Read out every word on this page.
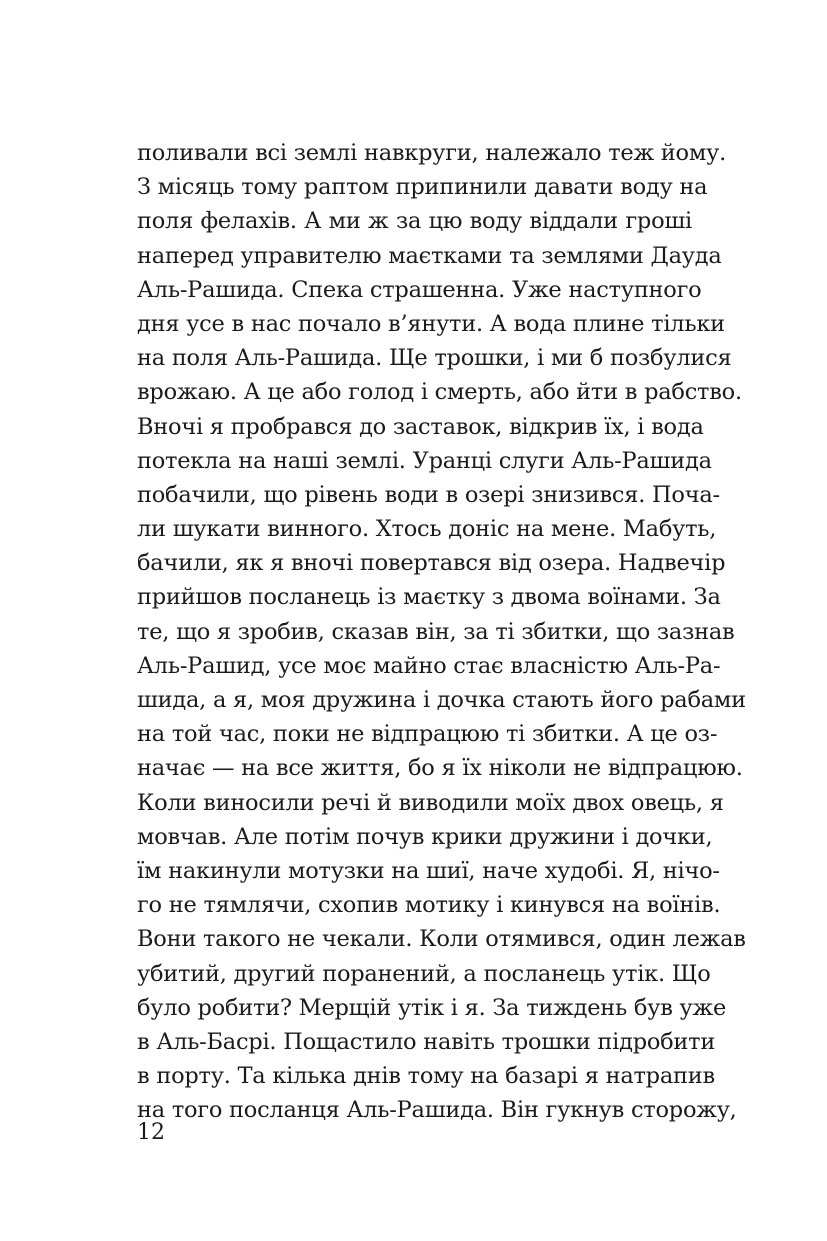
поливали всі землі навкруги, належало теж йому.
З місяць тому раптом припинили давати воду на
поля фелахів. А ми ж за цю воду віддали гроші
наперед управителю маєтками та землями Дауда
Аль-Рашида. Спека страшенна. Уже наступного
дня усе в нас почало в’янути. А вода плине тільки
на поля Аль-Рашида. Ще трошки, і ми б позбулися
врожаю. А це або голод і смерть, або йти в рабство.
Вночі я пробрався до заставок, відкрив їх, і вода
потекла на наші землі. Уранці слуги Аль-Рашида
побачили, що рівень води в озері знизився. Поча-
ли шукати винного. Хтось доніс на мене. Мабуть,
бачили, як я вночі повертався від озера. Надвечір
прийшов посланець із маєтку з двома воїнами. За
те, що я зробив, сказав він, за ті збитки, що зазнав
Аль-Рашид, усе моє майно стає власністю Аль-Ра-
шида, а я, моя дружина і дочка стають його рабами
на той час, поки не відпрацюю ті збитки. А це оз-
начає — на все життя, бо я їх ніколи не відпрацюю.
Коли виносили речі й виводили моїх двох овець, я
мовчав. Але потім почув крики дружини і дочки,
їм накинули мотузки на шиї, наче худобі. Я, нічо-
го не тямлячи, схопив мотику і кинувся на воїнів.
Вони такого не чекали. Коли отямився, один лежав
убитий, другий поранений, а посланець утік. Що
було робити? Мерщій утік і я. За тиждень був уже
в Аль-Басрі. Пощастило навіть трошки підробити
в порту. Та кілька днів тому на базарі я натрапив
на того посланця Аль-Рашида. Він гукнув сторожу,
12
